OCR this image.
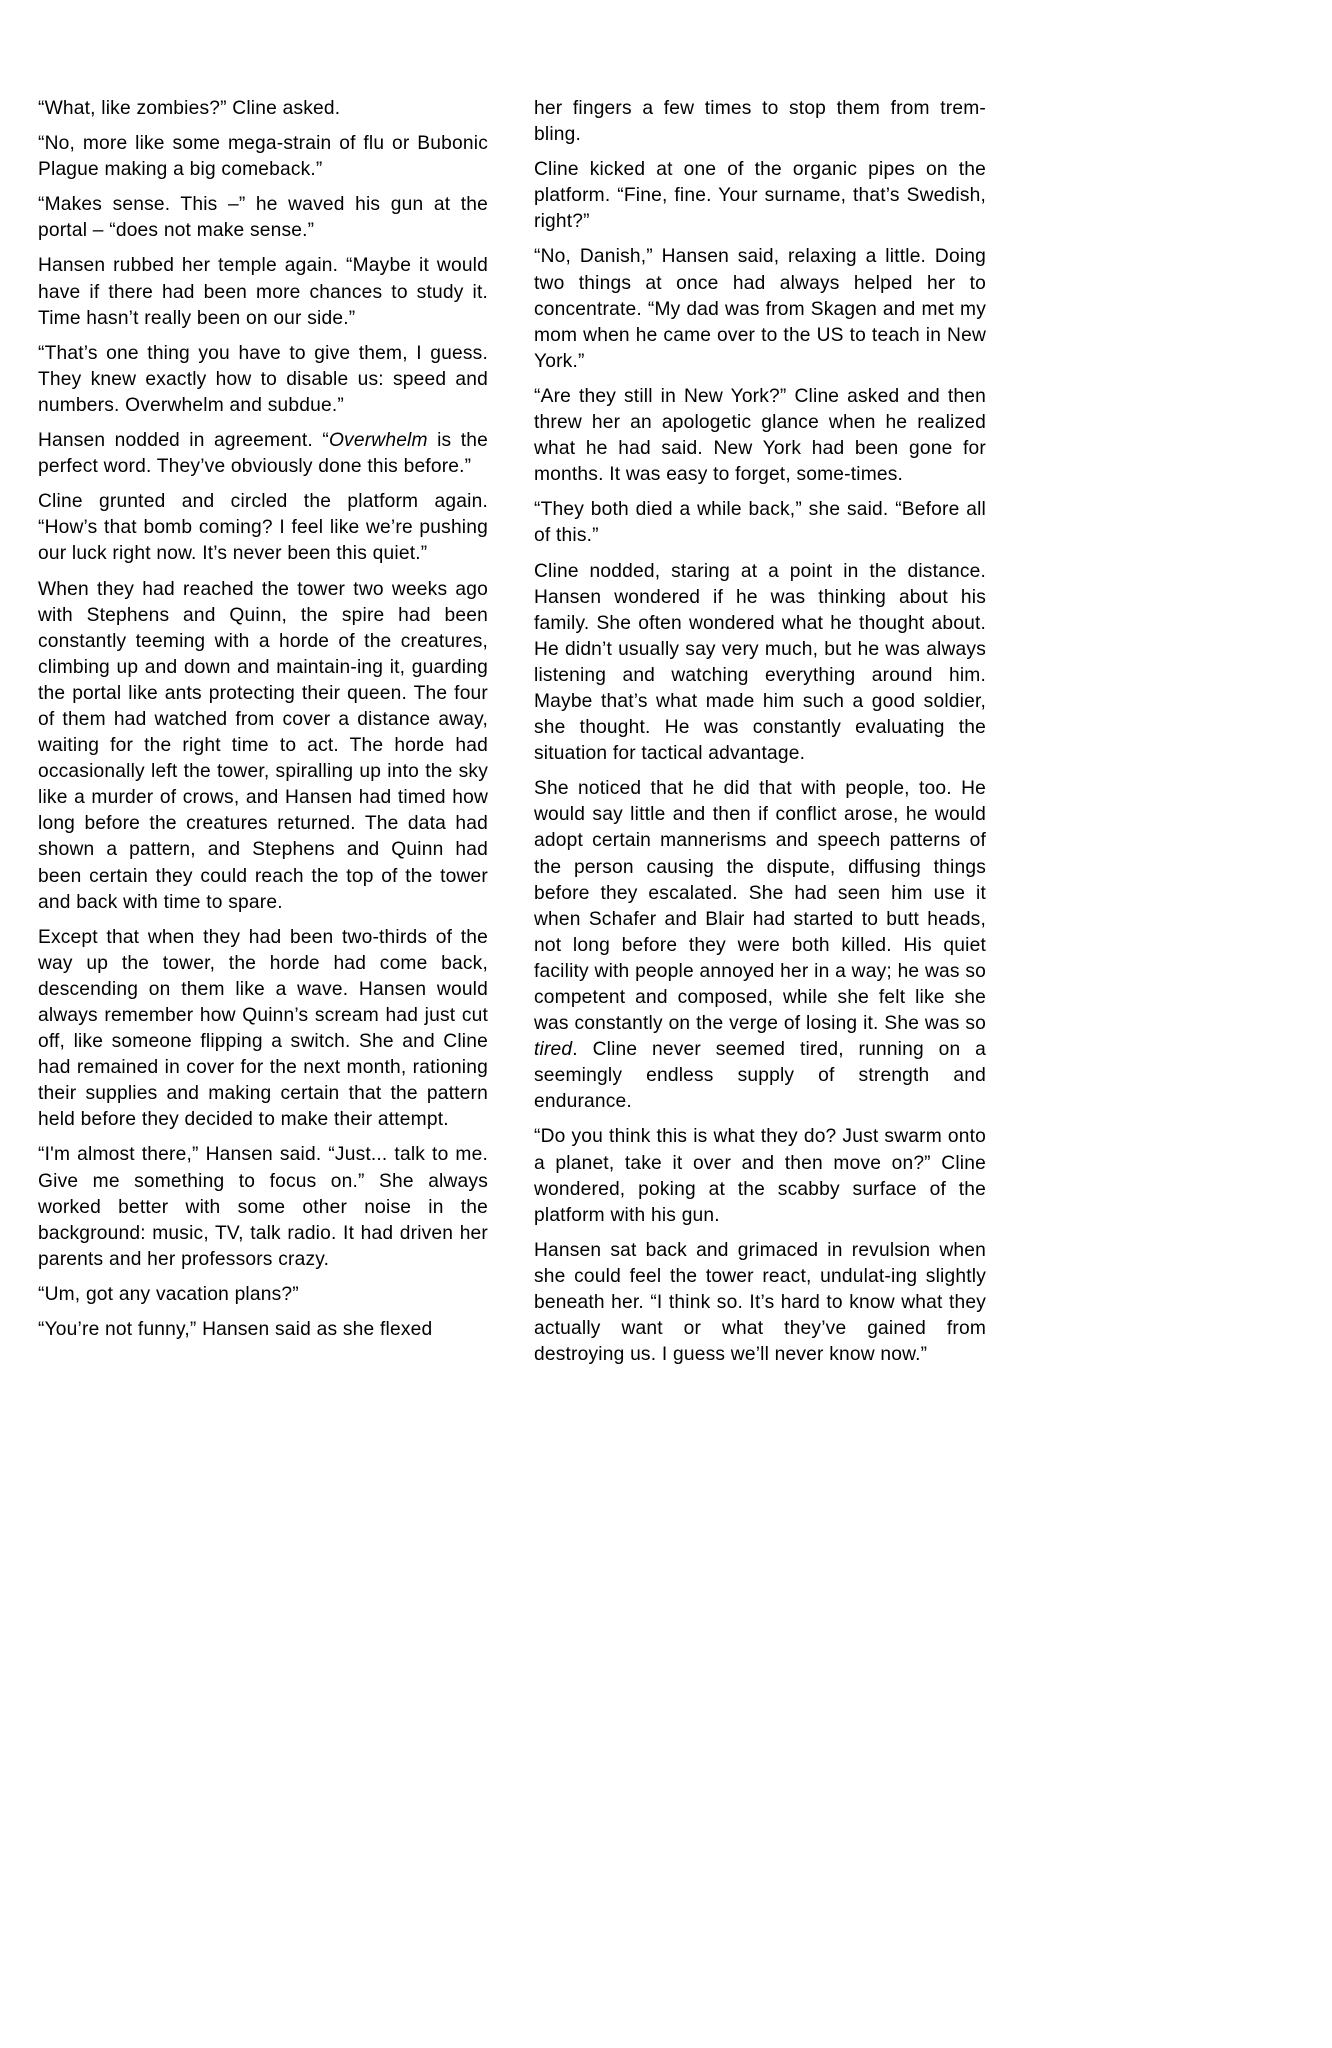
“What, like zombies?” Cline asked.

“No, more like some mega-strain of flu or Bubonic Plague making a big comeback.”

“Makes sense. This –” he waved his gun at the portal – “does not make sense.”

Hansen rubbed her temple again. “Maybe it would have if there had been more chances to study it. Time hasn’t really been on our side.”

“That’s one thing you have to give them, I guess. They knew exactly how to disable us: speed and numbers. Overwhelm and subdue.”

Hansen nodded in agreement. “Overwhelm is the perfect word. They’ve obviously done this before.”

Cline grunted and circled the platform again. “How’s that bomb coming? I feel like we’re pushing our luck right now. It’s never been this quiet.”

When they had reached the tower two weeks ago with Stephens and Quinn, the spire had been constantly teeming with a horde of the creatures, climbing up and down and maintain-ing it, guarding the portal like ants protecting their queen. The four of them had watched from cover a distance away, waiting for the right time to act. The horde had occasionally left the tower, spiralling up into the sky like a murder of crows, and Hansen had timed how long before the creatures returned. The data had shown a pattern, and Stephens and Quinn had been certain they could reach the top of the tower and back with time to spare.

Except that when they had been two-thirds of the way up the tower, the horde had come back, descending on them like a wave. Hansen would always remember how Quinn’s scream had just cut off, like someone flipping a switch. She and Cline had remained in cover for the next month, rationing their supplies and making certain that the pattern held before they decided to make their attempt.

“I'm almost there,” Hansen said. “Just... talk to me. Give me something to focus on.” She always worked better with some other noise in the background: music, TV, talk radio. It had driven her parents and her professors crazy.

“Um, got any vacation plans?”

“You’re not funny,” Hansen said as she flexed

her fingers a few times to stop them from trem-bling.

Cline kicked at one of the organic pipes on the platform. “Fine, fine. Your surname, that’s Swedish, right?”

“No, Danish,” Hansen said, relaxing a little. Doing two things at once had always helped her to concentrate. “My dad was from Skagen and met my mom when he came over to the US to teach in New York.”

“Are they still in New York?” Cline asked and then threw her an apologetic glance when he realized what he had said. New York had been gone for months. It was easy to forget, some-times.

“They both died a while back,” she said. “Before all of this.”

Cline nodded, staring at a point in the distance. Hansen wondered if he was thinking about his family. She often wondered what he thought about. He didn’t usually say very much, but he was always listening and watching everything around him. Maybe that’s what made him such a good soldier, she thought. He was constantly evaluating the situation for tactical advantage.

She noticed that he did that with people, too. He would say little and then if conflict arose, he would adopt certain mannerisms and speech patterns of the person causing the dispute, diffusing things before they escalated. She had seen him use it when Schafer and Blair had started to butt heads, not long before they were both killed. His quiet facility with people annoyed her in a way; he was so competent and composed, while she felt like she was constantly on the verge of losing it. She was so tired. Cline never seemed tired, running on a seemingly endless supply of strength and endurance.

“Do you think this is what they do? Just swarm onto a planet, take it over and then move on?” Cline wondered, poking at the scabby surface of the platform with his gun.

Hansen sat back and grimaced in revulsion when she could feel the tower react, undulat-ing slightly beneath her. “I think so. It’s hard to know what they actually want or what they’ve gained from destroying us. I guess we’ll never know now.”
